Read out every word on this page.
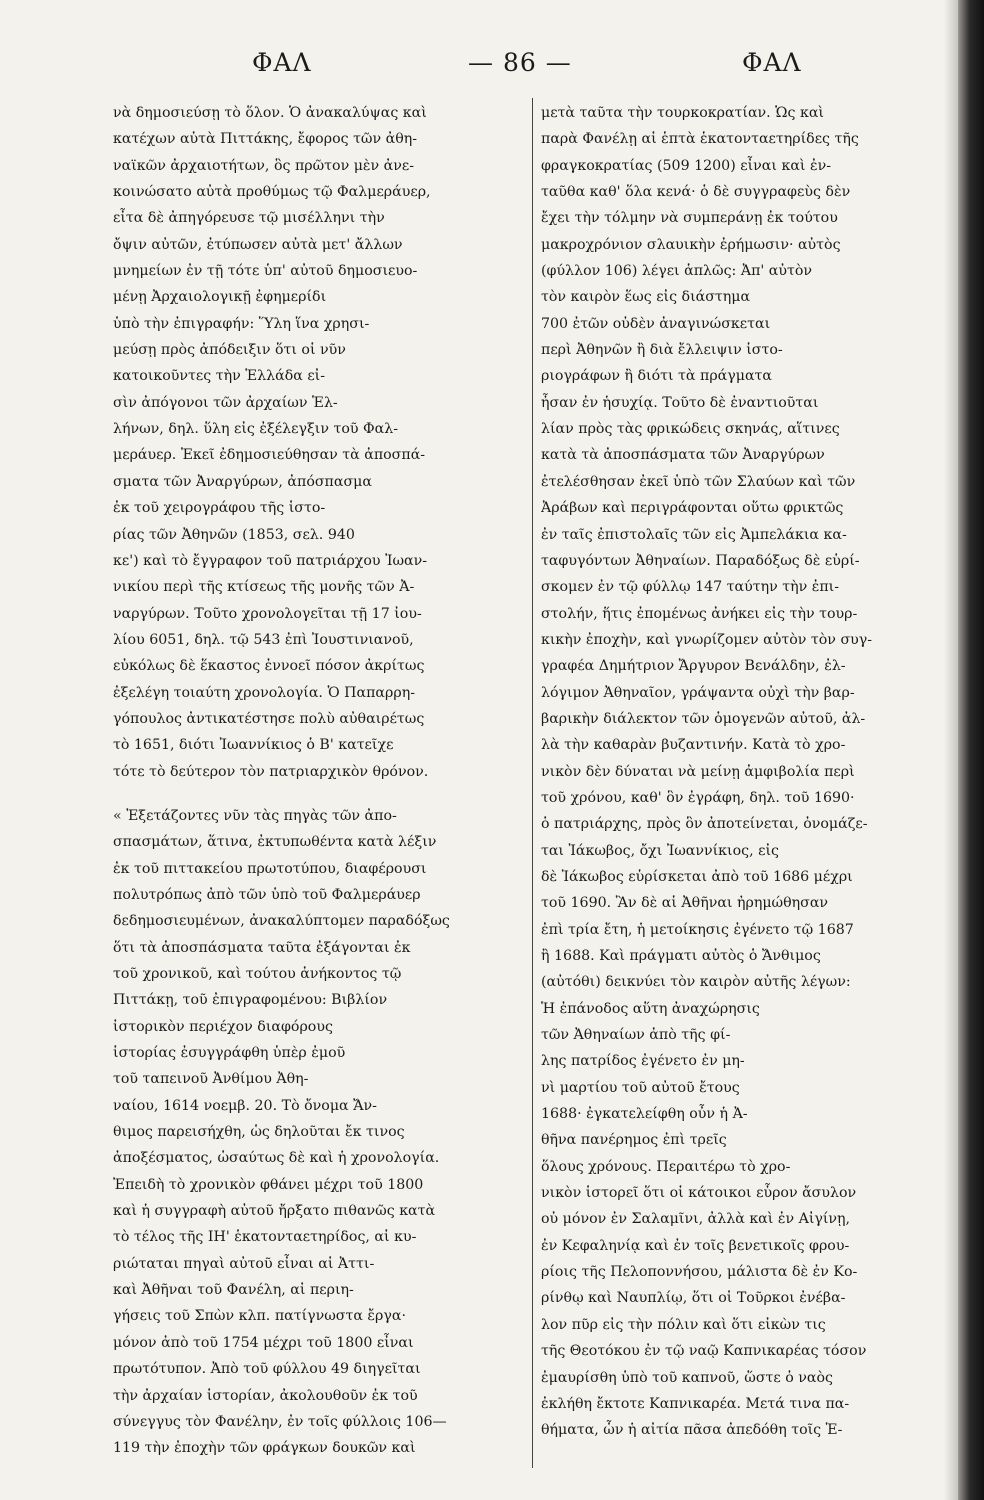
ΦΑΛ	— 86 —	ΦΑΛ
νὰ δημοσιεύσῃ τὸ ὅλον. Ὁ ἀνακαλύψας καὶ
κατέχων αὐτὰ Πιττάκης, ἔφορος τῶν ἀθη-
ναϊκῶν ἀρχαιοτήτων, ὃς πρῶτον μὲν ἀνε-
κοινώσατο αὐτὰ προθύμως τῷ Φαλμεράυερ,
εἶτα δὲ ἀπηγόρευσε τῷ μισέλληνι τὴν
ὄψιν αὐτῶν, ἐτύπωσεν αὐτὰ μετ' ἄλλων
μνημείων ἐν τῇ τότε ὑπ' αὐτοῦ δημοσιευο-
μένῃ Ἀρχαιολογικῇ ἐφημερίδι
ὑπὸ τὴν ἐπιγραφήν: Ὕλη ἵνα χρησι-
μεύσῃ πρὸς ἀπόδειξιν ὅτι οἱ νῦν
κατοικοῦντες τὴν Ἑλλάδα εἰ-
σὶν ἀπόγονοι τῶν ἀρχαίων Ἑλ-
λήνων, δηλ. ὕλη εἰς ἐξέλεγξιν τοῦ Φαλ-
μεράυερ. Ἐκεῖ ἐδημοσιεύθησαν τὰ ἀποσπά-
σματα τῶν Ἀναργύρων, ἀπόσπασμα
ἐκ τοῦ χειρογράφου τῆς ἱστο-
ρίας τῶν Ἀθηνῶν (1853, σελ. 940
κε') καὶ τὸ ἔγγραφον τοῦ πατριάρχου Ἰωαν-
νικίου περὶ τῆς κτίσεως τῆς μονῆς τῶν Ἀ-
ναργύρων. Τοῦτο χρονολογεῖται τῇ 17 ἰου-
λίου 6051, δηλ. τῷ 543 ἐπὶ Ἰουστινιανοῦ,
εὐκόλως δὲ ἕκαστος ἐννοεῖ πόσον ἀκρίτως
ἐξελέγη τοιαύτη χρονολογία. Ὁ Παπαρρη-
γόπουλος ἀντικατέστησε πολὺ αὐθαιρέτως
τὸ 1651, διότι Ἰωαννίκιος ὁ Β' κατεῖχε
τότε τὸ δεύτερον τὸν πατριαρχικὸν θρόνον.
« Ἐξετάζοντες νῦν τὰς πηγὰς τῶν ἀπο-
σπασμάτων, ἅτινα, ἐκτυπωθέντα κατὰ λέξιν
ἐκ τοῦ πιττακείου πρωτοτύπου, διαφέρουσι
πολυτρόπως ἀπὸ τῶν ὑπὸ τοῦ Φαλμεράυερ
δεδημοσιευμένων, ἀνακαλύπτομεν παραδόξως
ὅτι τὰ ἀποσπάσματα ταῦτα ἐξάγονται ἐκ
τοῦ χρονικοῦ, καὶ τούτου ἀνήκοντος τῷ
Πιττάκῃ, τοῦ ἐπιγραφομένου: Βιβλίον
ἱστορικὸν περιέχον διαφόρους
ἱστορίας ἐσυγγράφθη ὑπὲρ ἐμοῦ
τοῦ ταπεινοῦ Ἀνθίμου Ἀθη-
ναίου, 1614 νοεμβ. 20. Τὸ ὄνομα Ἄν-
θιμος παρεισήχθη, ὡς δηλοῦται ἔκ τινος
ἀποξέσματος, ὡσαύτως δὲ καὶ ἡ χρονολογία.
Ἐπειδὴ τὸ χρονικὸν φθάνει μέχρι τοῦ 1800
καὶ ἡ συγγραφὴ αὐτοῦ ἤρξατο πιθανῶς κατὰ
τὸ τέλος τῆς ΙΗ' ἑκατονταετηρίδος, αἱ κυ-
ριώταται πηγαὶ αὐτοῦ εἶναι αἱ Ἀττι-
καὶ Ἀθῆναι τοῦ Φανέλη, αἱ περιη-
γήσεις τοῦ Σπὼν κλπ. πατίγνωστα ἔργα·
μόνον ἀπὸ τοῦ 1754 μέχρι τοῦ 1800 εἶναι
πρωτότυπον. Ἀπὸ τοῦ φύλλου 49 διηγεῖται
τὴν ἀρχαίαν ἱστορίαν, ἀκολουθοῦν ἐκ τοῦ
σύνεγγυς τὸν Φανέλην, ἐν τοῖς φύλλοις 106—
119 τὴν ἐποχὴν τῶν φράγκων δουκῶν καὶ
μετὰ ταῦτα τὴν τουρκοκρατίαν. Ὡς καὶ
παρὰ Φανέλῃ αἱ ἑπτὰ ἑκατονταετηρίδες τῆς
φραγκοκρατίας (509 1200) εἶναι καὶ ἐν-
ταῦθα καθ' ὅλα κενά· ὁ δὲ συγγραφεὺς δὲν
ἔχει τὴν τόλμην νὰ συμπεράνῃ ἐκ τούτου
μακροχρόνιον σλαυικὴν ἐρήμωσιν· αὐτὸς
(φύλλον 106) λέγει ἁπλῶς: Ἀπ' αὐτὸν
τὸν καιρὸν ἕως εἰς διάστημα
700 ἐτῶν οὐδὲν ἀναγινώσκεται
περὶ Ἀθηνῶν ἢ διὰ ἔλλειψιν ἱστο-
ριογράφων ἢ διότι τὰ πράγματα
ἦσαν ἐν ἡσυχίᾳ. Τοῦτο δὲ ἐναντιοῦται
λίαν πρὸς τὰς φρικώδεις σκηνάς, αἵτινες
κατὰ τὰ ἀποσπάσματα τῶν Ἀναργύρων
ἐτελέσθησαν ἐκεῖ ὑπὸ τῶν Σλαύων καὶ τῶν
Ἀράβων καὶ περιγράφονται οὕτω φρικτῶς
ἐν ταῖς ἐπιστολαῖς τῶν εἰς Ἀμπελάκια κα-
ταφυγόντων Ἀθηναίων. Παραδόξως δὲ εὑρί-
σκομεν ἐν τῷ φύλλῳ 147 ταύτην τὴν ἐπι-
στολήν, ἥτις ἐπομένως ἀνήκει εἰς τὴν τουρ-
κικὴν ἐποχὴν, καὶ γνωρίζομεν αὐτὸν τὸν συγ-
γραφέα Δημήτριον Ἄργυρον Βενάλδην, ἐλ-
λόγιμον Ἀθηναῖον, γράψαντα οὐχὶ τὴν βαρ-
βαρικὴν διάλεκτον τῶν ὁμογενῶν αὐτοῦ, ἀλ-
λὰ τὴν καθαρὰν βυζαντινήν. Κατὰ τὸ χρο-
νικὸν δὲν δύναται νὰ μείνῃ ἀμφιβολία περὶ
τοῦ χρόνου, καθ' ὃν ἐγράφη, δηλ. τοῦ 1690·
ὁ πατριάρχης, πρὸς ὃν ἀποτείνεται, ὀνομάζε-
ται Ἰάκωβος, ὄχι Ἰωαννίκιος, εἰς
δὲ Ἰάκωβος εὑρίσκεται ἀπὸ τοῦ 1686 μέχρι
τοῦ 1690. Ἂν δὲ αἱ Ἀθῆναι ἠρημώθησαν
ἐπὶ τρία ἔτη, ἡ μετοίκησις ἐγένετο τῷ 1687
ἢ 1688. Καὶ πράγματι αὐτὸς ὁ Ἄνθιμος
(αὐτόθι) δεικνύει τὸν καιρὸν αὐτῆς λέγων:
Ἡ ἐπάνοδος αὕτη ἀναχώρησις
τῶν Ἀθηναίων ἀπὸ τῆς φί-
λης πατρίδος ἐγένετο ἐν μη-
νὶ μαρτίου τοῦ αὐτοῦ ἔτους
1688· ἐγκατελείφθη οὖν ἡ Ἀ-
θῆνα πανέρημος ἐπὶ τρεῖς
ὅλους χρόνους. Περαιτέρω τὸ χρο-
νικὸν ἱστορεῖ ὅτι οἱ κάτοικοι εὗρον ἄσυλον
οὐ μόνον ἐν Σαλαμῖνι, ἀλλὰ καὶ ἐν Αἰγίνῃ,
ἐν Κεφαληνίᾳ καὶ ἐν τοῖς βενετικοῖς φρου-
ρίοις τῆς Πελοποννήσου, μάλιστα δὲ ἐν Κο-
ρίνθῳ καὶ Ναυπλίῳ, ὅτι οἱ Τοῦρκοι ἐνέβα-
λον πῦρ εἰς τὴν πόλιν καὶ ὅτι εἰκὼν τις
τῆς Θεοτόκου ἐν τῷ ναῷ Καπνικαρέας τόσον
ἐμαυρίσθη ὑπὸ τοῦ καπνοῦ, ὥστε ὁ ναὸς
ἐκλήθη ἔκτοτε Καπνικαρέα. Μετά τινα πα-
θήματα, ὧν ἡ αἰτία πᾶσα ἀπεδόθη τοῖς Ἑ-
